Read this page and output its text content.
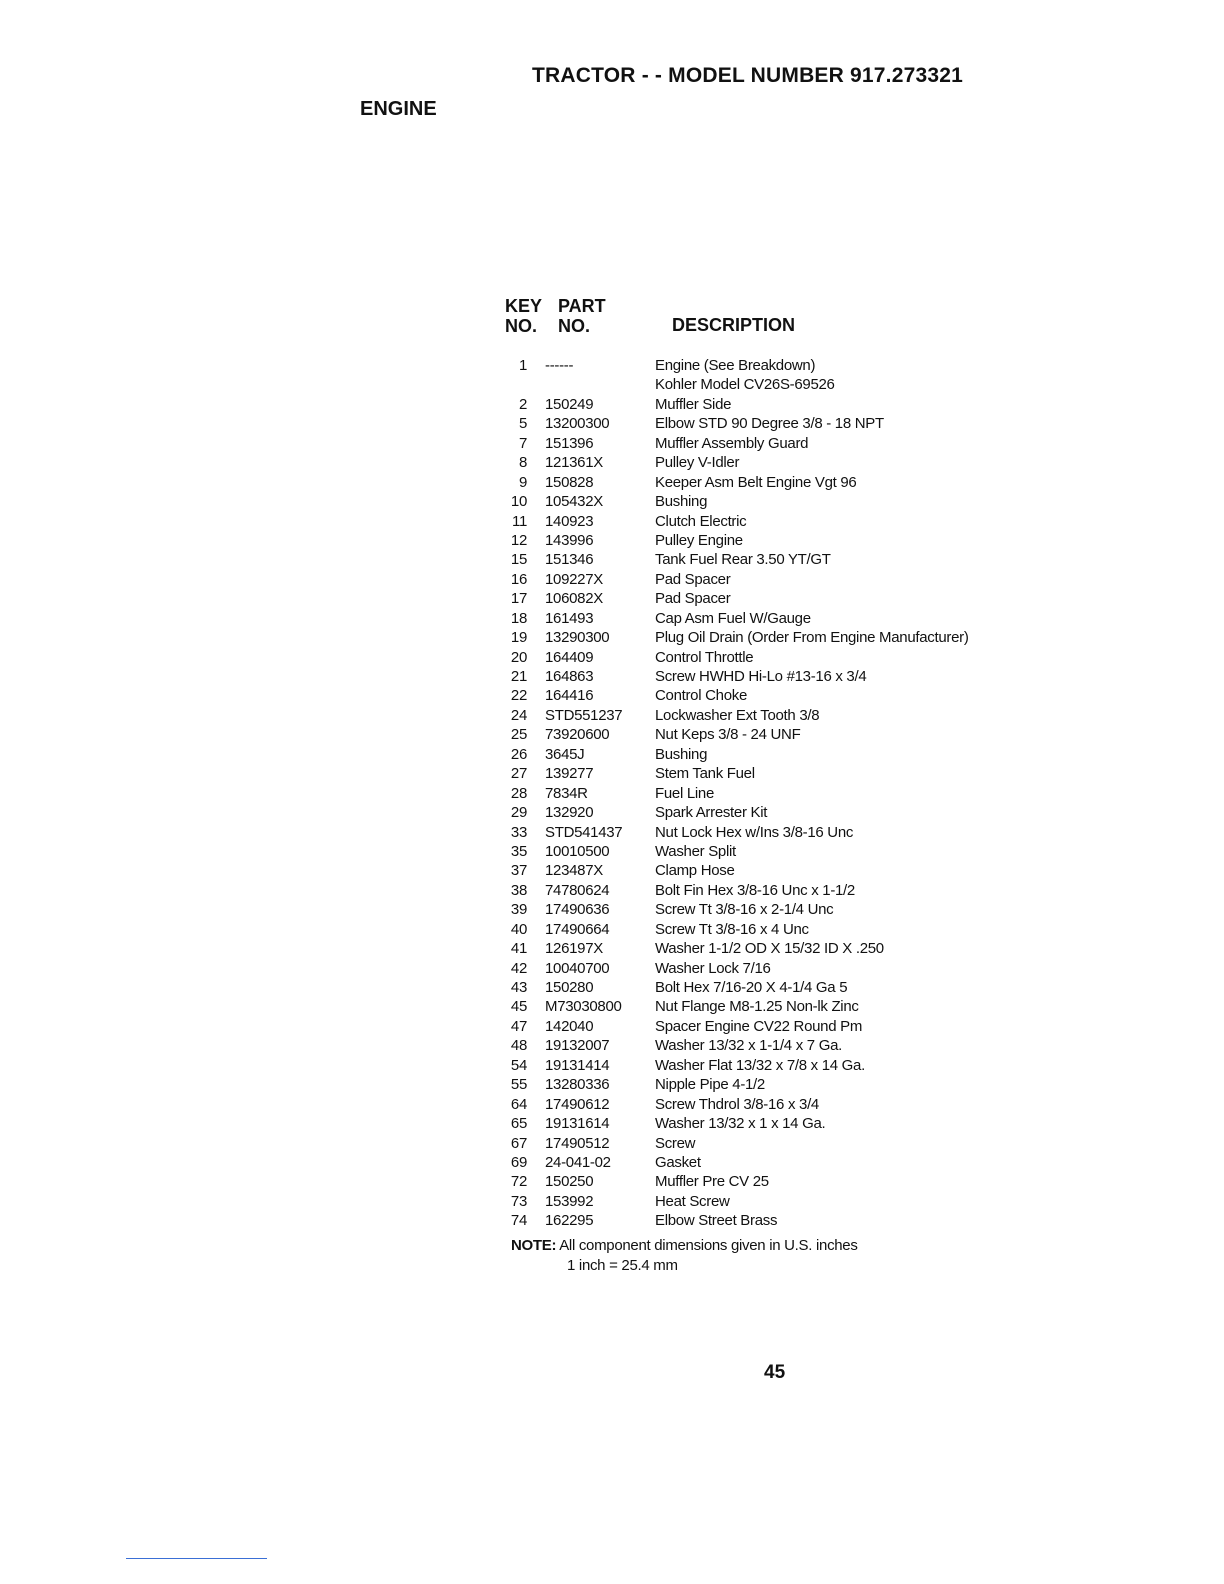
TRACTOR - - MODEL NUMBER 917.273321
ENGINE
KEY
NO.
PART
NO.	DESCRIPTION
1	------	Engine (See Breakdown)
Kohler Model CV26S-69526
2	150249	Muffler Side
5	13200300	Elbow STD 90 Degree 3/8 - 18 NPT
7	151396	Muffler Assembly Guard
8	121361X	Pulley V-Idler
9	150828	Keeper Asm Belt Engine Vgt 96
10	105432X	Bushing
11	140923	Clutch Electric
12	143996	Pulley Engine
15	151346	Tank Fuel Rear 3.50 YT/GT
16	109227X	Pad Spacer
17	106082X	Pad Spacer
18	161493	Cap Asm Fuel W/Gauge
19	13290300	Plug Oil Drain (Order From Engine Manufacturer)
20	164409	Control Throttle
21	164863	Screw HWHD Hi-Lo #13-16 x 3/4
22	164416	Control Choke
24	STD551237	Lockwasher Ext Tooth 3/8
25	73920600	Nut Keps 3/8 - 24 UNF
26	3645J	Bushing
27	139277	Stem Tank Fuel
28	7834R	Fuel Line
29	132920	Spark Arrester Kit
33	STD541437	Nut Lock Hex w/Ins 3/8-16 Unc
35	10010500	Washer Split
37	123487X	Clamp Hose
38	74780624	Bolt Fin Hex 3/8-16 Unc x 1-1/2
39	17490636	Screw Tt 3/8-16 x 2-1/4 Unc
40	17490664	Screw Tt 3/8-16 x 4 Unc
41	126197X	Washer 1-1/2 OD X 15/32 ID X .250
42	10040700	Washer Lock 7/16
43	150280	Bolt Hex 7/16-20 X 4-1/4 Ga 5
45	M73030800	Nut Flange M8-1.25 Non-lk Zinc
47	142040	Spacer Engine CV22 Round Pm
48	19132007	Washer 13/32 x 1-1/4 x 7 Ga.
54	19131414	Washer Flat 13/32 x 7/8 x 14 Ga.
55	13280336	Nipple Pipe 4-1/2
64	17490612	Screw Thdrol 3/8-16 x 3/4
65	19131614	Washer 13/32 x 1 x 14 Ga.
67	17490512	Screw
69	24-041-02	Gasket
72	150250	Muffler Pre CV 25
73	153992	Heat Screw
74	162295	Elbow Street Brass
NOTE: All component dimensions given in U.S. inches
1 inch = 25.4 mm
45
